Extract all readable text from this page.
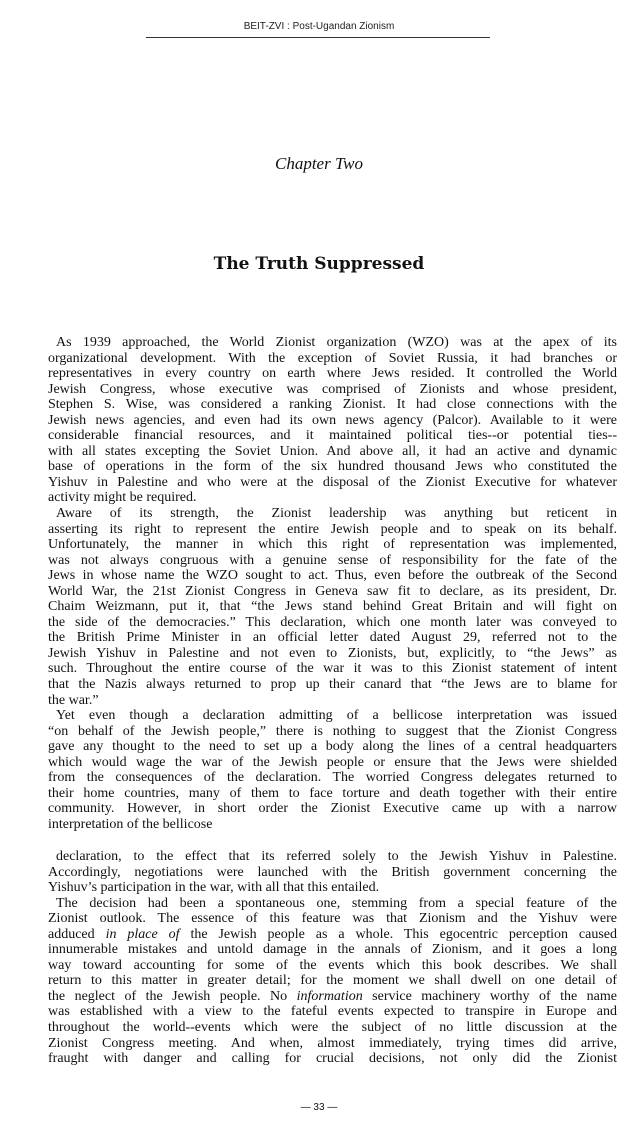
BEIT-ZVI : Post-Ugandan Zionism
Chapter Two
The Truth Suppressed
As 1939 approached, the World Zionist organization (WZO) was at the apex of its
organizational development. With the exception of Soviet Russia, it had branches or
representatives in every country on earth where Jews resided. It controlled the World
Jewish Congress, whose executive was comprised of Zionists and whose president,
Stephen S. Wise, was considered a ranking Zionist. It had close connections with the
Jewish news agencies, and even had its own news agency (Palcor). Available to it were
considerable financial resources, and it maintained political ties--or potential ties--
with all states excepting the Soviet Union. And above all, it had an active and dynamic
base of operations in the form of the six hundred thousand Jews who constituted the
Yishuv in Palestine and who were at the disposal of the Zionist Executive for whatever
activity might be required.
Aware of its strength, the Zionist leadership was anything but reticent in
asserting its right to represent the entire Jewish people and to speak on its behalf.
Unfortunately, the manner in which this right of representation was implemented,
was not always congruous with a genuine sense of responsibility for the fate of the
Jews in whose name the WZO sought to act. Thus, even before the outbreak of the Second
World War, the 21st Zionist Congress in Geneva saw fit to declare, as its president, Dr.
Chaim Weizmann, put it, that “the Jews stand behind Great Britain and will fight on
the side of the democracies.” This declaration, which one month later was conveyed to
the British Prime Minister in an official letter dated August 29, referred not to the
Jewish Yishuv in Palestine and not even to Zionists, but, explicitly, to “the Jews” as
such. Throughout the entire course of the war it was to this Zionist statement of intent
that the Nazis always returned to prop up their canard that “the Jews are to blame for
the war.”
Yet even though a declaration admitting of a bellicose interpretation was issued
“on behalf of the Jewish people,” there is nothing to suggest that the Zionist Congress
gave any thought to the need to set up a body along the lines of a central headquarters
which would wage the war of the Jewish people or ensure that the Jews were shielded
from the consequences of the declaration. The worried Congress delegates returned to
their home countries, many of them to face torture and death together with their entire
community. However, in short order the Zionist Executive came up with a narrow
interpretation of the bellicose
declaration, to the effect that its referred solely to the Jewish Yishuv in Palestine.
Accordingly, negotiations were launched with the British government concerning the
Yishuv’s participation in the war, with all that this entailed.
The decision had been a spontaneous one, stemming from a special feature of the
Zionist outlook. The essence of this feature was that Zionism and the Yishuv were
adduced in place of the Jewish people as a whole. This egocentric perception caused
innumerable mistakes and untold damage in the annals of Zionism, and it goes a long
way toward accounting for some of the events which this book describes. We shall
return to this matter in greater detail; for the moment we shall dwell on one detail of
the neglect of the Jewish people. No information service machinery worthy of the name
was established with a view to the fateful events expected to transpire in Europe and
throughout the world--events which were the subject of no little discussion at the
Zionist Congress meeting. And when, almost immediately, trying times did arrive,
fraught with danger and calling for crucial decisions, not only did the Zionist
— 33 —
